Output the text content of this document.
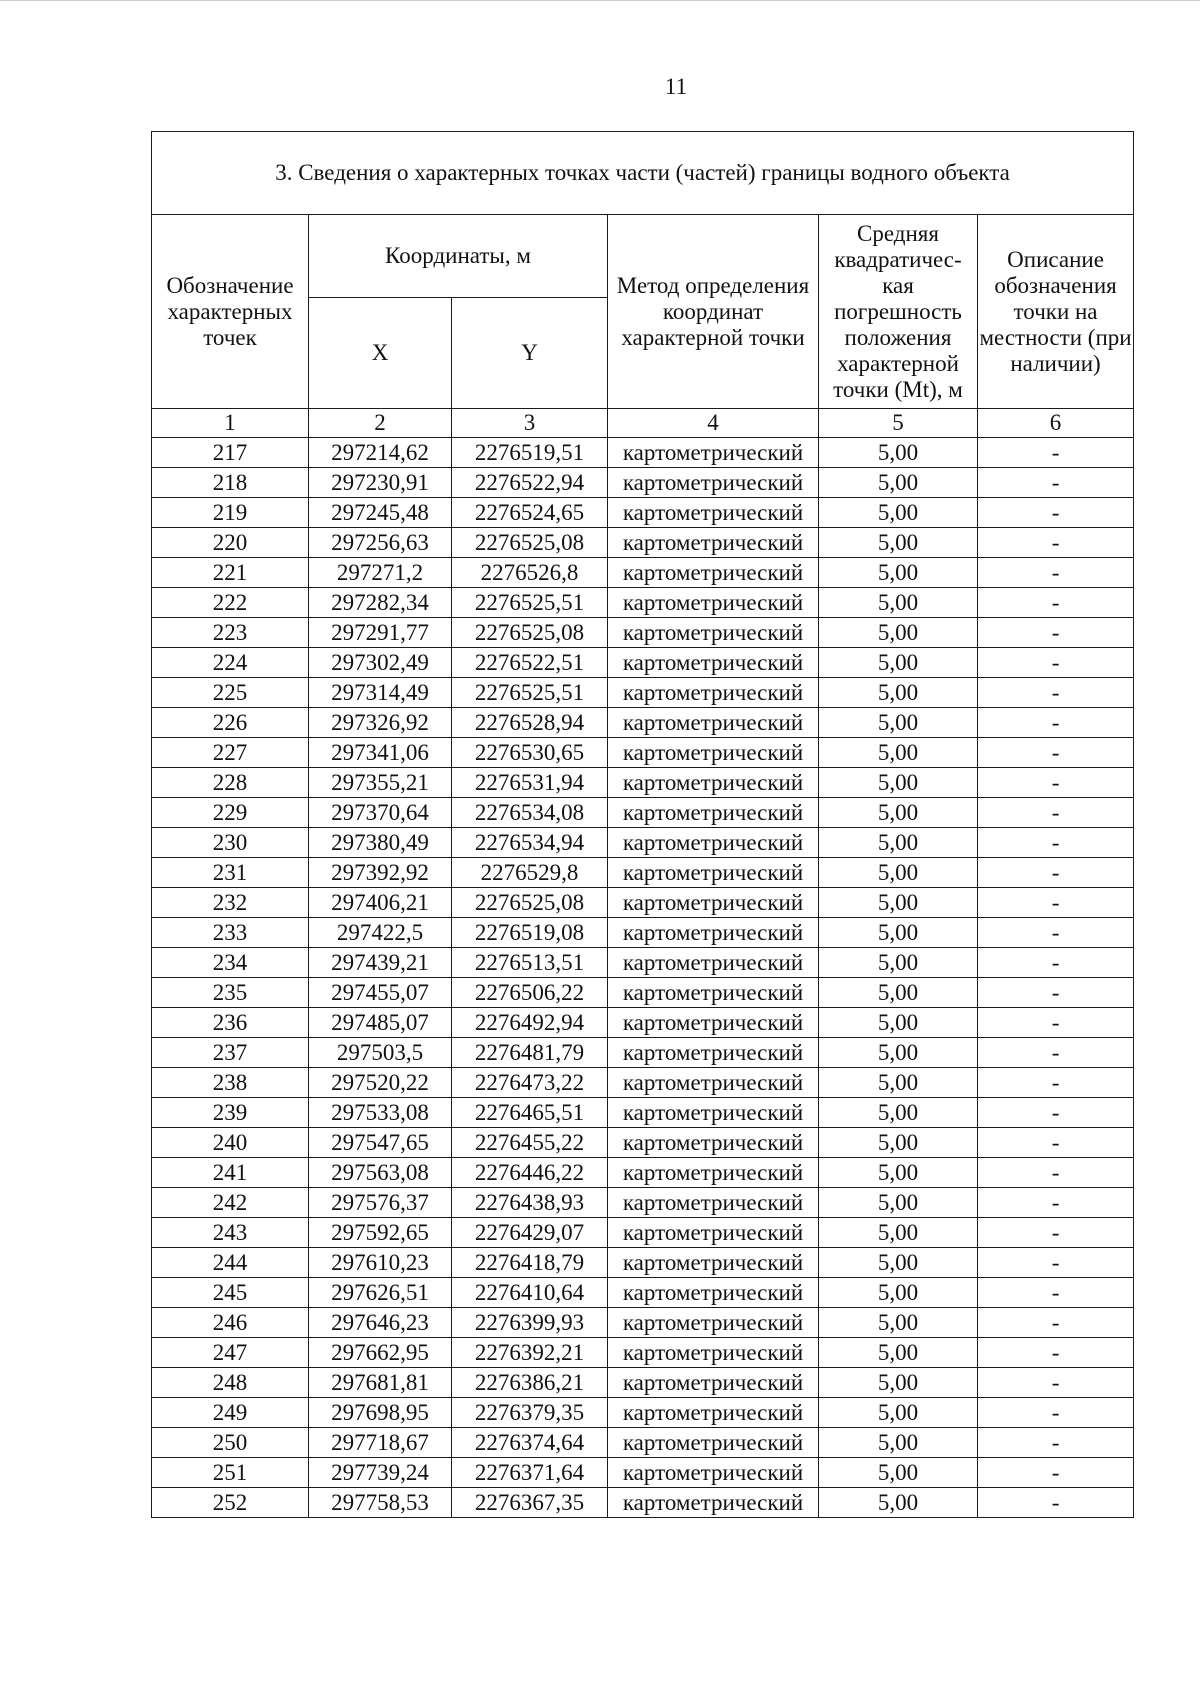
11
3. Сведения о характерных точках части (частей) границы водного объекта					
Обозначение характерных точек	Координаты, м		Метод определения координат характерной точки	Средняя квадратичес-кая погрешность положения характерной точки (Mt), м	Описание обозначения точки на местности (при наличии)
	X	Y			
1	2	3	4	5	6
217	297214,62	2276519,51	картометрический	5,00	-
218	297230,91	2276522,94	картометрический	5,00	-
219	297245,48	2276524,65	картометрический	5,00	-
220	297256,63	2276525,08	картометрический	5,00	-
221	297271,2	2276526,8	картометрический	5,00	-
222	297282,34	2276525,51	картометрический	5,00	-
223	297291,77	2276525,08	картометрический	5,00	-
224	297302,49	2276522,51	картометрический	5,00	-
225	297314,49	2276525,51	картометрический	5,00	-
226	297326,92	2276528,94	картометрический	5,00	-
227	297341,06	2276530,65	картометрический	5,00	-
228	297355,21	2276531,94	картометрический	5,00	-
229	297370,64	2276534,08	картометрический	5,00	-
230	297380,49	2276534,94	картометрический	5,00	-
231	297392,92	2276529,8	картометрический	5,00	-
232	297406,21	2276525,08	картометрический	5,00	-
233	297422,5	2276519,08	картометрический	5,00	-
234	297439,21	2276513,51	картометрический	5,00	-
235	297455,07	2276506,22	картометрический	5,00	-
236	297485,07	2276492,94	картометрический	5,00	-
237	297503,5	2276481,79	картометрический	5,00	-
238	297520,22	2276473,22	картометрический	5,00	-
239	297533,08	2276465,51	картометрический	5,00	-
240	297547,65	2276455,22	картометрический	5,00	-
241	297563,08	2276446,22	картометрический	5,00	-
242	297576,37	2276438,93	картометрический	5,00	-
243	297592,65	2276429,07	картометрический	5,00	-
244	297610,23	2276418,79	картометрический	5,00	-
245	297626,51	2276410,64	картометрический	5,00	-
246	297646,23	2276399,93	картометрический	5,00	-
247	297662,95	2276392,21	картометрический	5,00	-
248	297681,81	2276386,21	картометрический	5,00	-
249	297698,95	2276379,35	картометрический	5,00	-
250	297718,67	2276374,64	картометрический	5,00	-
251	297739,24	2276371,64	картометрический	5,00	-
252	297758,53	2276367,35	картометрический	5,00	-
